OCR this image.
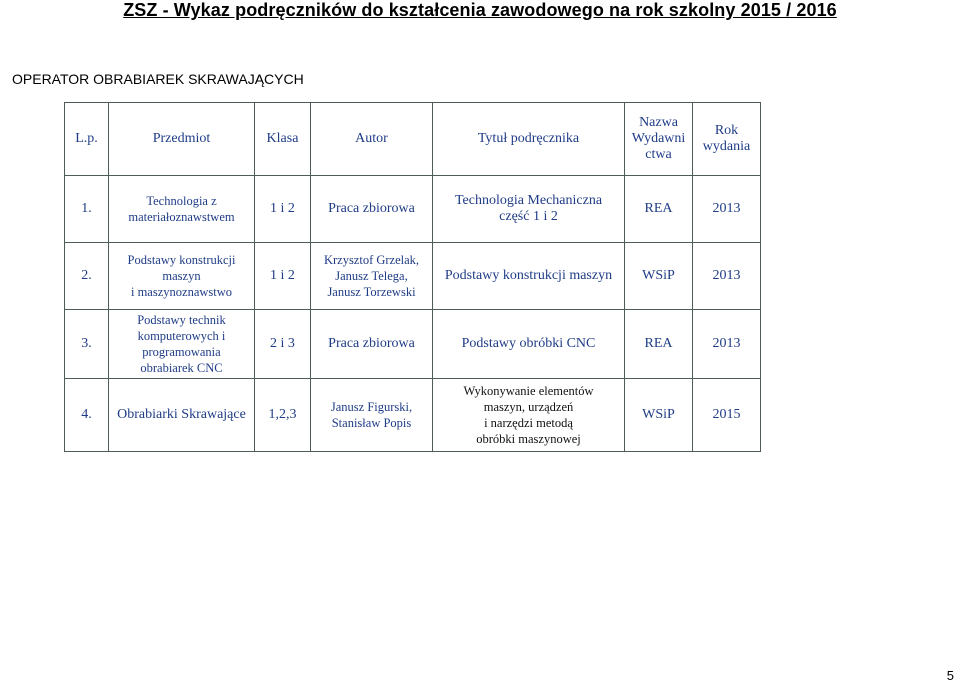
ZSZ - Wykaz podręczników do kształcenia zawodowego na rok szkolny 2015 / 2016
OPERATOR OBRABIAREK SKRAWAJĄCYCH
L.p.	Przedmiot	Klasa	Autor	Tytuł podręcznika	Nazwa
Wydawni
ctwa	Rok
wydania

1.	Technologia z
materiałoznawstwem	1 i 2	Praca zbiorowa	Technologia Mechaniczna
część 1 i 2	REA	2013
2.	Podstawy konstrukcji
maszyn
i maszynoznawstwo	1 i 2	Krzysztof Grzelak,
Janusz Telega,
Janusz Torzewski	Podstawy konstrukcji maszyn	WSiP	2013
3.	Podstawy technik
komputerowych i
programowania
obrabiarek CNC	2 i 3	Praca zbiorowa	Podstawy obróbki CNC	REA	2013
4.	Obrabiarki Skrawające	1,2,3	Janusz Figurski,
Stanisław Popis	Wykonywanie elementów
maszyn, urządzeń
i narzędzi metodą
obróbki maszynowej	WSiP	2015
5
